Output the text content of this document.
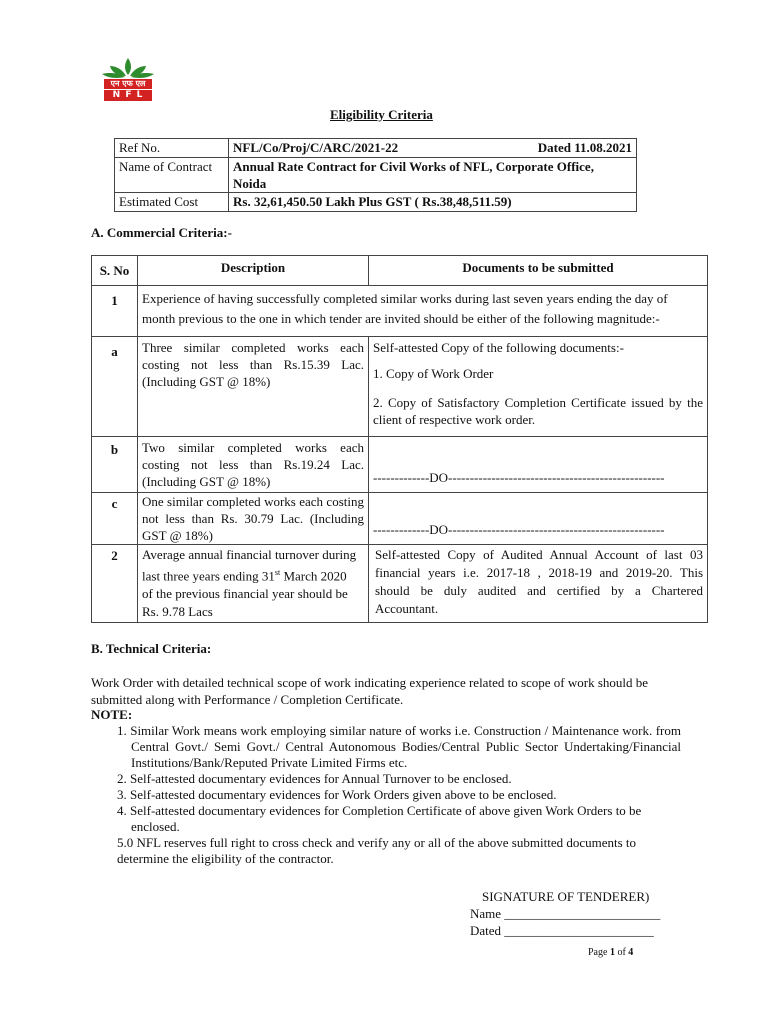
एन एफ एल
N F L
Eligibility Criteria
Ref No.	NFL/Co/Proj/C/ARC/2021-22 Dated 11.08.2021

Name of Contract	Annual Rate Contract for Civil Works of NFL, Corporate Office,
Noida

Estimated Cost	Rs. 32,61,450.50 Lakh Plus GST ( Rs.38,48,511.59)
A. Commercial Criteria:-
S. No	Description	Documents to be submitted
1	Experience of having successfully completed similar works during last seven years ending the day of
month previous to the one in which tender are invited should be either of the following magnitude:-	

a	Three similar completed works each costing not less than Rs.15.39 Lac.(Including GST @ 18%)	Self-attested Copy of the following documents:-
1. Copy of Work Order
2. Copy of Satisfactory Completion Certificate issued by the client of respective work order.

b	Two similar completed works each costing not less than Rs.19.24 Lac. (Including GST @ 18%)	-------------DO--------------------------------------------------
c	One similar completed works each costing not less than Rs. 30.79 Lac. (Including GST @ 18%)	-------------DO--------------------------------------------------
2	Average annual financial turnover during
last three years ending 31st March 2020
of the previous financial year should be
Rs. 9.78 Lacs	Self-attested Copy of Audited Annual Account of last 03 financial years i.e. 2017-18 , 2018-19 and 2019-20. This should be duly audited and certified by a Chartered Accountant.
B. Technical Criteria:
Work Order with detailed technical scope of work indicating experience related to scope of work should be submitted along with Performance / Completion Certificate.
NOTE:
1. Similar Work means work employing similar nature of works i.e. Construction / Maintenance work. from Central Govt./ Semi Govt./ Central Autonomous Bodies/Central Public Sector Undertaking/Financial Institutions/Bank/Reputed Private Limited Firms etc.
2. Self-attested documentary evidences for Annual Turnover to be enclosed.
3. Self-attested documentary evidences for Work Orders given above to be enclosed.
4. Self-attested documentary evidences for Completion Certificate of above given Work Orders to be enclosed.
5.0 NFL reserves full right to cross check and verify any or all of the above submitted documents to determine the eligibility of the contractor.
SIGNATURE OF TENDERER)
Name ________________________
Dated _______________________
Page 1 of 4
